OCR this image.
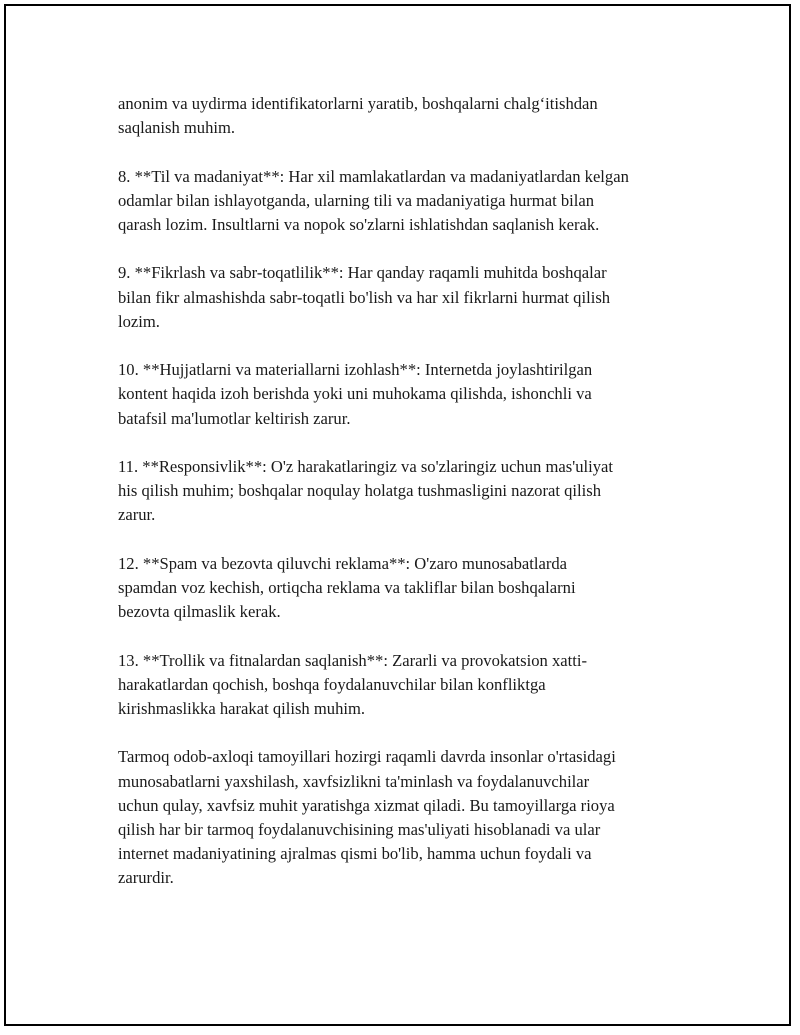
anonim va uydirma identifikatorlarni yaratib, boshqalarni chalg‘itishdan
saqlanish muhim.

8. **Til va madaniyat**: Har xil mamlakatlardan va madaniyatlardan kelgan
odamlar bilan ishlayotganda, ularning tili va madaniyatiga hurmat bilan
qarash lozim. Insultlarni va nopok so'zlarni ishlatishdan saqlanish kerak.

9. **Fikrlash va sabr-toqatlilik**: Har qanday raqamli muhitda boshqalar
bilan fikr almashishda sabr-toqatli bo'lish va har xil fikrlarni hurmat qilish
lozim.

10. **Hujjatlarni va materiallarni izohlash**: Internetda joylashtirilgan
kontent haqida izoh berishda yoki uni muhokama qilishda, ishonchli va
batafsil ma'lumotlar keltirish zarur.

11. **Responsivlik**: O'z harakatlaringiz va so'zlaringiz uchun mas'uliyat
his qilish muhim; boshqalar noqulay holatga tushmasligini nazorat qilish
zarur.

12. **Spam va bezovta qiluvchi reklama**: O'zaro munosabatlarda
spamdan voz kechish, ortiqcha reklama va takliflar bilan boshqalarni
bezovta qilmaslik kerak.

13. **Trollik va fitnalardan saqlanish**: Zararli va provokatsion xatti-
harakatlardan qochish, boshqa foydalanuvchilar bilan konfliktga
kirishmaslikka harakat qilish muhim.

Tarmoq odob-axloqi tamoyillari hozirgi raqamli davrda insonlar o'rtasidagi
munosabatlarni yaxshilash, xavfsizlikni ta'minlash va foydalanuvchilar
uchun qulay, xavfsiz muhit yaratishga xizmat qiladi. Bu tamoyillarga rioya
qilish har bir tarmoq foydalanuvchisining mas'uliyati hisoblanadi va ular
internet madaniyatining ajralmas qismi bo'lib, hamma uchun foydali va
zarurdir.
